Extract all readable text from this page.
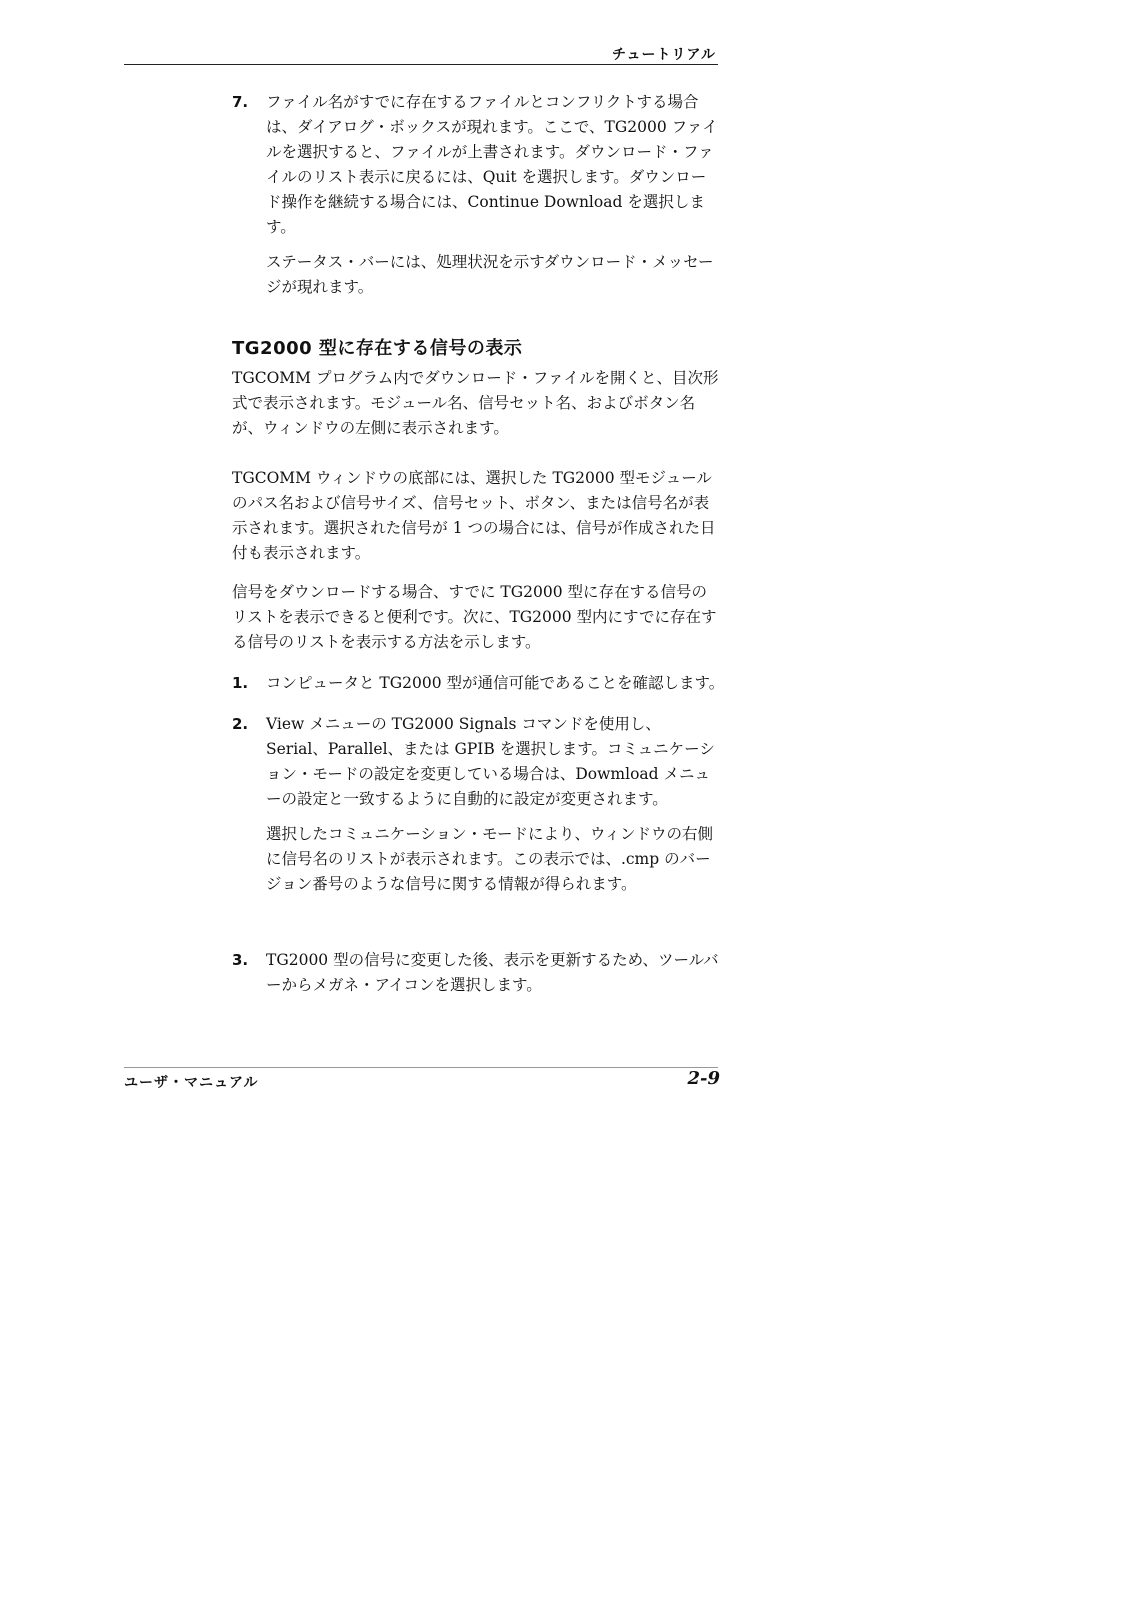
チュートリアル
7. ファイル名がすでに存在するファイルとコンフリクトする場合は、ダイアログ・ボックスが現れます。ここで、TG2000 ファイルを選択すると、ファイルが上書されます。ダウンロード・ファイルのリスト表示に戻るには、Quit を選択します。ダウンロード操作を継続する場合には、Continue Download を選択します。

ステータス・バーには、処理状況を示すダウンロード・メッセージが現れます。

TG2000 型に存在する信号の表示

TGCOMM プログラム内でダウンロード・ファイルを開くと、目次形式で表示されます。モジュール名、信号セット名、およびボタン名が、ウィンドウの左側に表示されます。

TGCOMM ウィンドウの底部には、選択した TG2000 型モジュールのパス名および信号サイズ、信号セット、ボタン、または信号名が表示されます。選択された信号が 1 つの場合には、信号が作成された日付も表示されます。

信号をダウンロードする場合、すでに TG2000 型に存在する信号のリストを表示できると便利です。次に、TG2000 型内にすでに存在する信号のリストを表示する方法を示します。

1. コンピュータと TG2000 型が通信可能であることを確認します。

2. View メニューの TG2000 Signals コマンドを使用し、Serial、Parallel、または GPIB を選択します。コミュニケーション・モードの設定を変更している場合は、Dowmload メニューの設定と一致するように自動的に設定が変更されます。

選択したコミュニケーション・モードにより、ウィンドウの右側に信号名のリストが表示されます。この表示では、.cmp のバージョン番号のような信号に関する情報が得られます。

3. TG2000 型の信号に変更した後、表示を更新するため、ツールバーからメガネ・アイコンを選択します。

ユーザ・マニュアル	2-9
